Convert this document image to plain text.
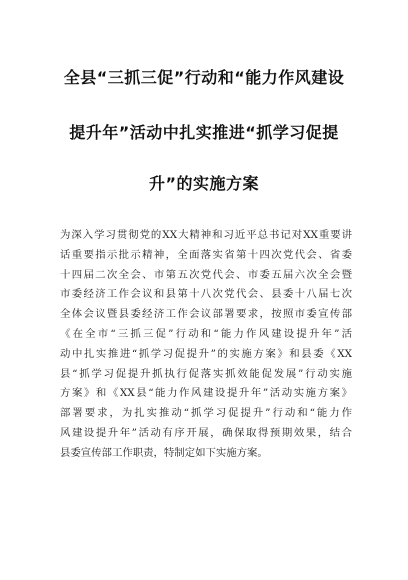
全县“三抓三促”行动和“能力作风建设
提升年”活动中扎实推进“抓学习促提
升”的实施方案
为深入学习贯彻党的XX大精神和习近平总书记对XX重要讲
话重要指示批示精神，全面落实省第十四次党代会、省委
十四届二次全会、市第五次党代会、市委五届六次全会暨
市委经济工作会议和县第十八次党代会、县委十八届七次
全体会议暨县委经济工作会议部署要求，按照市委宣传部
《在全市“三抓三促”行动和“能力作风建设提升年”活
动中扎实推进“抓学习促提升”的实施方案》和县委《XX
县“抓学习促提升抓执行促落实抓效能促发展”行动实施
方案》和《XX县“能力作风建设提升年”活动实施方案》
部署要求，为扎实推动“抓学习促提升”行动和“能力作
风建设提升年”活动有序开展，确保取得预期效果，结合
县委宣传部工作职责，特制定如下实施方案。
